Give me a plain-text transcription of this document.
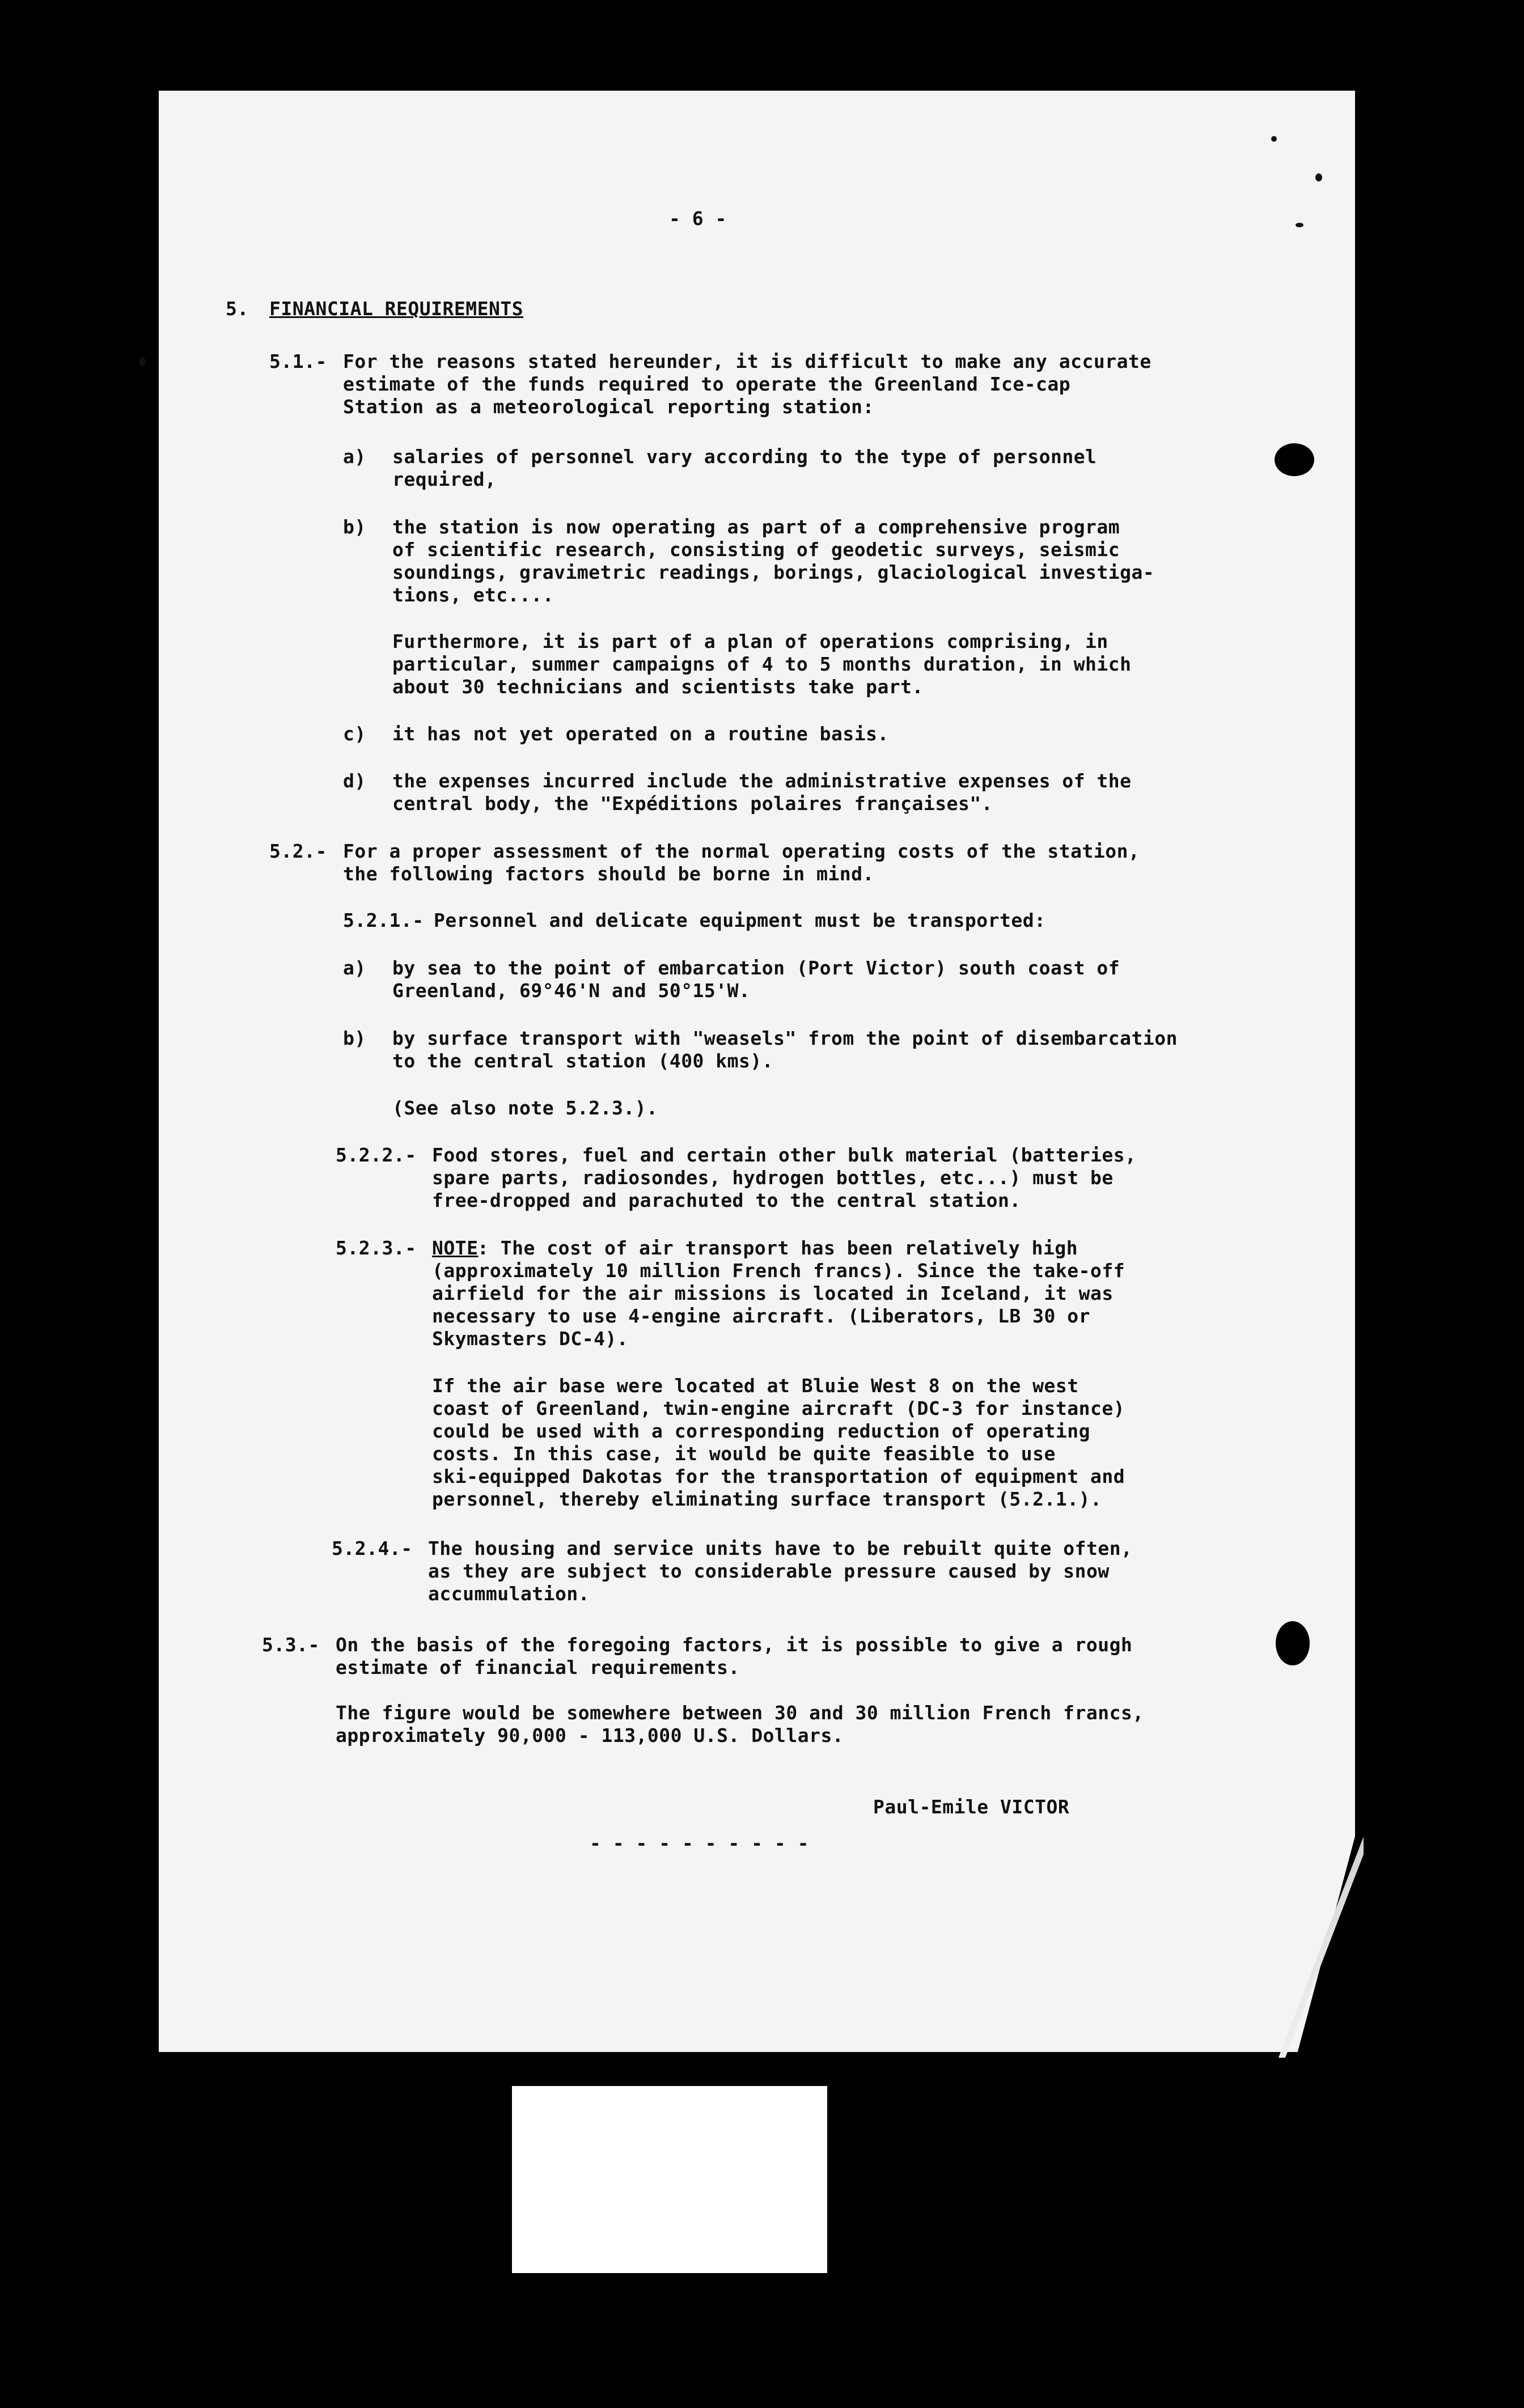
- 6 -
5. FINANCIAL REQUIREMENTS
5.1.- For the reasons stated hereunder, it is difficult to make any accurate
estimate of the funds required to operate the Greenland Ice-cap
Station as a meteorological reporting station:
a) salaries of personnel vary according to the type of personnel
required,
b) the station is now operating as part of a comprehensive program
of scientific research, consisting of geodetic surveys, seismic
soundings, gravimetric readings, borings, glaciological investiga-
tions, etc....
Furthermore, it is part of a plan of operations comprising, in
particular, summer campaigns of 4 to 5 months duration, in which
about 30 technicians and scientists take part.
c) it has not yet operated on a routine basis.
d) the expenses incurred include the administrative expenses of the
central body, the "Expéditions polaires françaises".
5.2.- For a proper assessment of the normal operating costs of the station,
the following factors should be borne in mind.
5.2.1.- Personnel and delicate equipment must be transported:
a) by sea to the point of embarcation (Port Victor) south coast of
Greenland, 69°46'N and 50°15'W.
b) by surface transport with "weasels" from the point of disembarcation
to the central station (400 kms).
(See also note 5.2.3.).
5.2.2.- Food stores, fuel and certain other bulk material (batteries,
spare parts, radiosondes, hydrogen bottles, etc...) must be
free-dropped and parachuted to the central station.
5.2.3.- NOTE
: The cost of air transport has been relatively high
(approximately 10 million French francs). Since the take-off
airfield for the air missions is located in Iceland, it was
necessary to use 4-engine aircraft. (Liberators, LB 30 or
Skymasters DC-4).
If the air base were located at Bluie West 8 on the west
coast of Greenland, twin-engine aircraft (DC-3 for instance)
could be used with a corresponding reduction of operating
costs. In this case, it would be quite feasible to use
ski-equipped Dakotas for the transportation of equipment and
personnel, thereby eliminating surface transport (5.2.1.).
5.2.4.- The housing and service units have to be rebuilt quite often,
as they are subject to considerable pressure caused by snow
accummulation.
5.3.- On the basis of the foregoing factors, it is possible to give a rough
estimate of financial requirements.
The figure would be somewhere between 30 and 30 million French francs,
approximately 90,000 - 113,000 U.S. Dollars.
Paul-Emile VICTOR
- - - - - - - - - -
